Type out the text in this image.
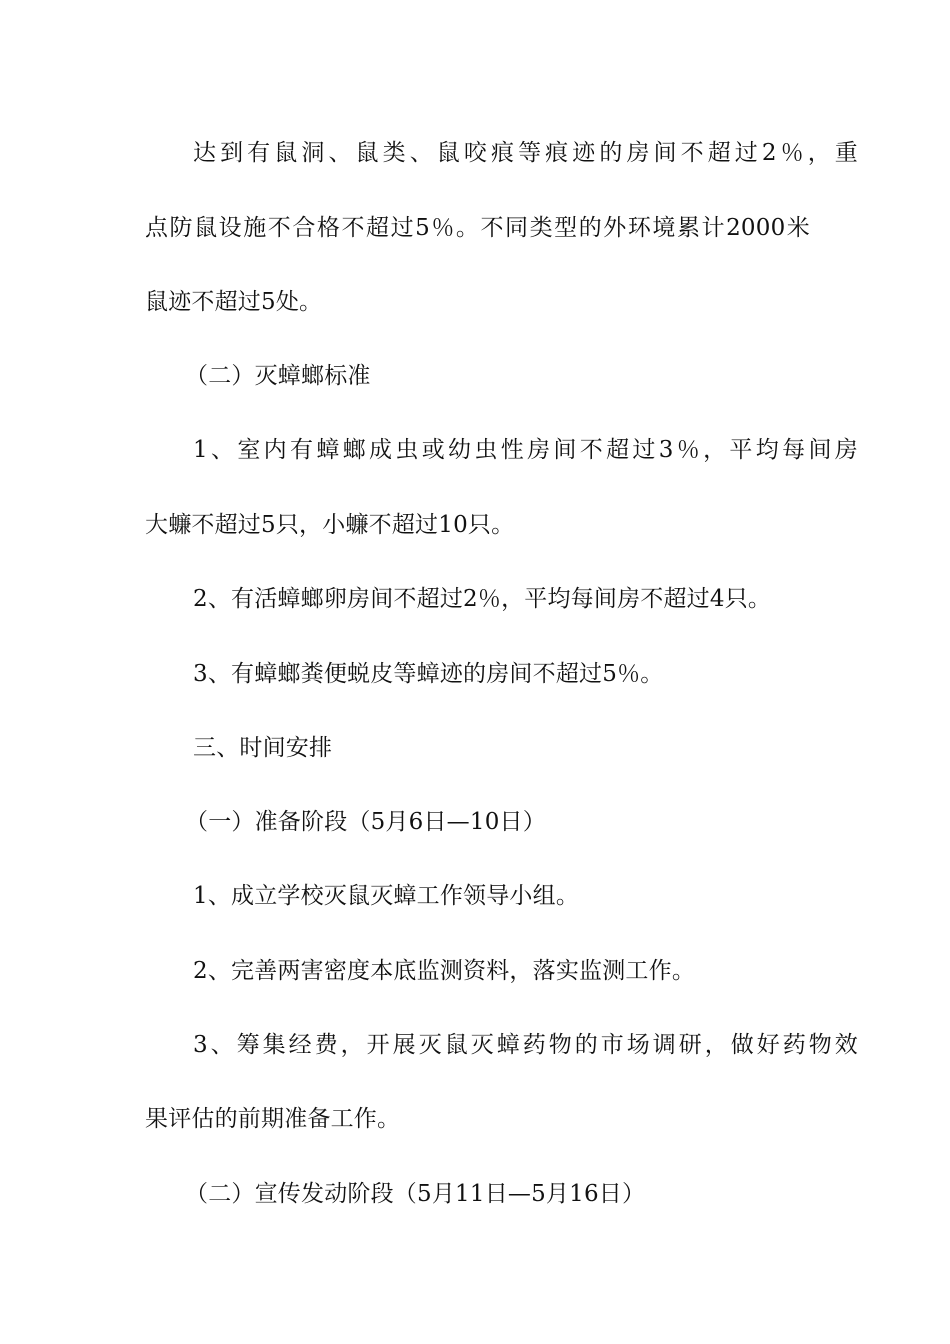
达到有鼠洞、鼠类、鼠咬痕等痕迹的房间不超过2％，重
点防鼠设施不合格不超过5％。不同类型的外环境累计2000米
鼠迹不超过5处。
（二）灭蟑螂标准
1、室内有蟑螂成虫或幼虫性房间不超过3％，平均每间房
大蠊不超过5只，小蠊不超过10只。
2、有活蟑螂卵房间不超过2％，平均每间房不超过4只。
3、有蟑螂粪便蜕皮等蟑迹的房间不超过5％。
三、时间安排
（一）准备阶段（5月6日—10日）
1、成立学校灭鼠灭蟑工作领导小组。
2、完善两害密度本底监测资料，落实监测工作。
3、筹集经费，开展灭鼠灭蟑药物的市场调研，做好药物效
果评估的前期准备工作。
（二）宣传发动阶段（5月11日—5月16日）
